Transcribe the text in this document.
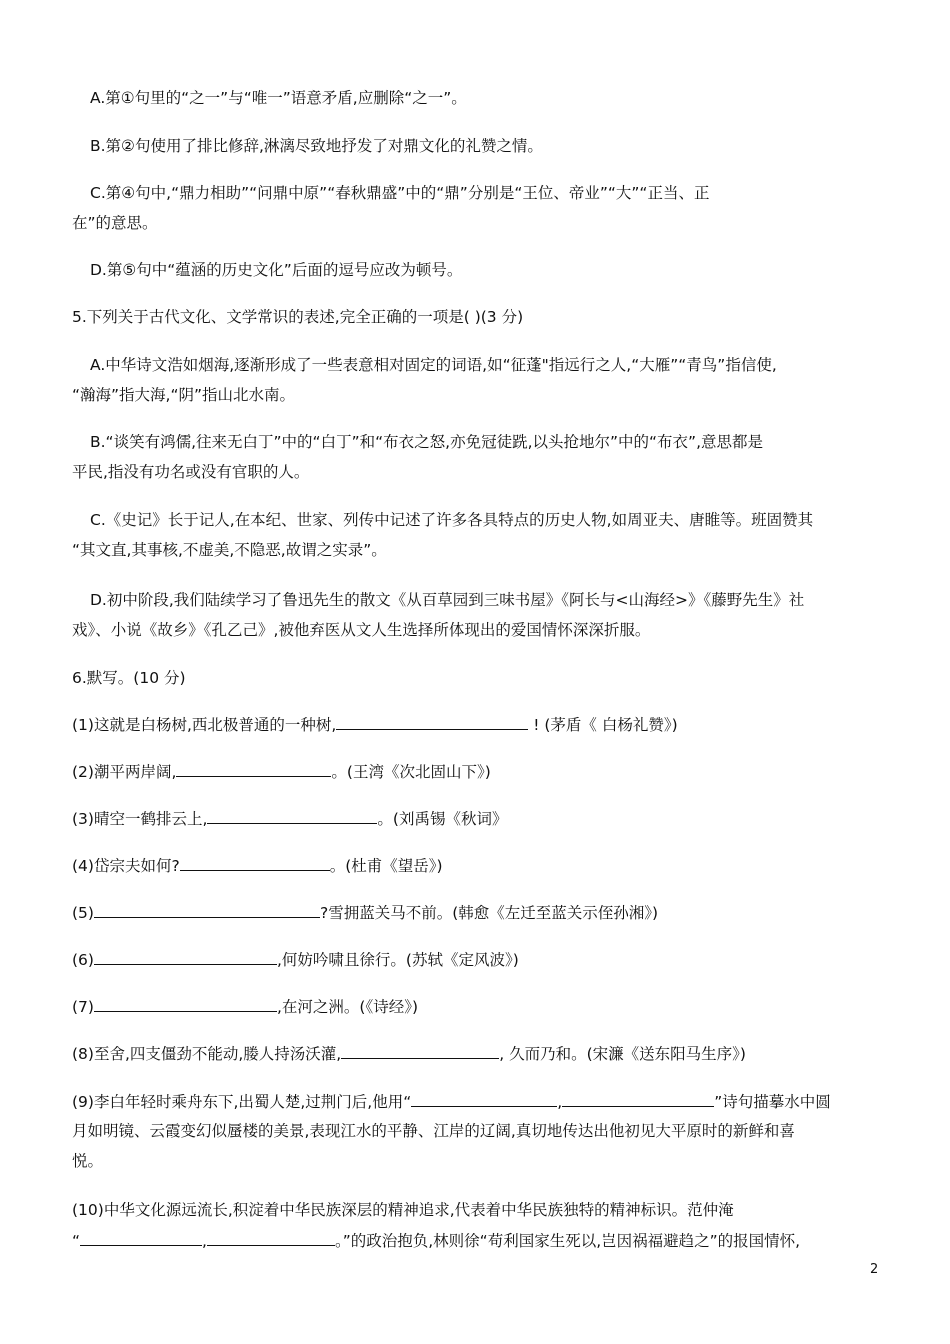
A.第①句里的“之一”与“唯一”语意矛盾,应删除“之一”。
B.第②句使用了排比修辞,淋漓尽致地抒发了对鼎文化的礼赞之情。
C.第④句中,“鼎力相助”“问鼎中原”“春秋鼎盛”中的“鼎”分别是“王位、帝业”“大”“正当、正
在”的意思。
D.第⑤句中“蕴涵的历史文化”后面的逗号应改为顿号。
5.下列关于古代文化、文学常识的表述,完全正确的一项是( )(3 分)
A.中华诗文浩如烟海,逐渐形成了一些表意相对固定的词语,如“征蓬"指远行之人,“大雁”“青鸟”指信使,
“瀚海”指大海,“阴”指山北水南。
B.“谈笑有鸿儒,往来无白丁”中的“白丁”和“布衣之怒,亦免冠徒跣,以头抢地尔”中的“布衣”,意思都是
平民,指没有功名或没有官职的人。
C.《史记》长于记人,在本纪、世家、列传中记述了许多各具特点的历史人物,如周亚夫、唐睢等。班固赞其
“其文直,其事核,不虚美,不隐恶,故谓之实录”。
D.初中阶段,我们陆续学习了鲁迅先生的散文《从百草园到三味书屋》《阿长与<山海经>》《藤野先生》社
戏》、小说《故乡》《孔乙己》,被他弃医从文人生选择所体现出的爱国情怀深深折服。
6.默写。(10 分)
(1)这就是白杨树,西北极普通的一种树,	! (茅盾《 白杨礼赞》)
(2)潮平两岸阔,	。(王湾《次北固山下》)
(3)晴空一鹤排云上,	。(刘禹锡《秋词》
(4)岱宗夫如何?	。(杜甫《望岳》)
(5)	?雪拥蓝关马不前。(韩愈《左迁至蓝关示侄孙湘》)
(6)	,何妨吟啸且徐行。(苏轼《定风波》)
(7)	,在河之洲。(《诗经》)
(8)至舍,四支僵劲不能动,媵人持汤沃灌,	, 久而乃和。(宋濂《送东阳马生序》)
(9)李白年轻时乘舟东下,出蜀人楚,过荆门后,他用“	,	”诗句描摹水中圆
月如明镜、云霞变幻似蜃楼的美景,表现江水的平静、江岸的辽阔,真切地传达出他初见大平原时的新鲜和喜
悦。
(10)中华文化源远流长,积淀着中华民族深层的精神追求,代表着中华民族独特的精神标识。范仲淹
“	,	。”的政治抱负,林则徐“苟利国家生死以,岂因祸福避趋之”的报国情怀,
2
